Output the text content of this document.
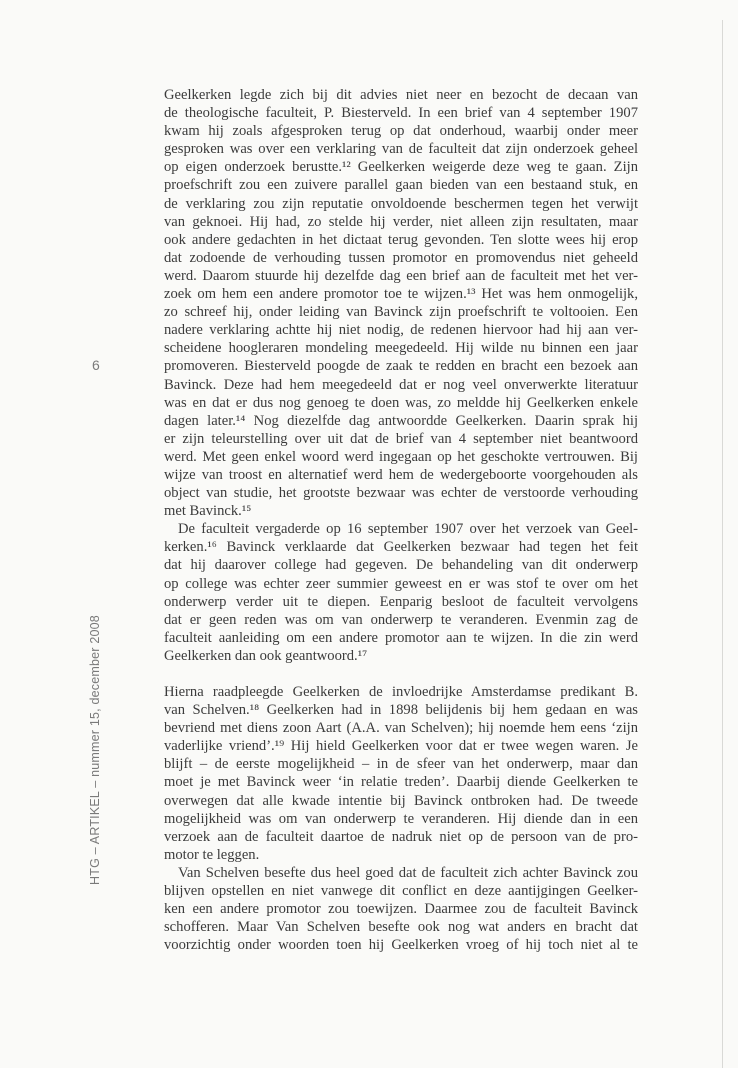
6
HTG – ARTIKEL – nummer 15, december 2008
Geelkerken legde zich bij dit advies niet neer en bezocht de decaan van
de theologische faculteit, P. Biesterveld. In een brief van 4 september 1907
kwam hij zoals afgesproken terug op dat onderhoud, waarbij onder meer
gesproken was over een verklaring van de faculteit dat zijn onderzoek geheel
op eigen onderzoek berustte.¹² Geelkerken weigerde deze weg te gaan. Zijn
proefschrift zou een zuivere parallel gaan bieden van een bestaand stuk, en
de verklaring zou zijn reputatie onvoldoende beschermen tegen het verwijt
van geknoei. Hij had, zo stelde hij verder, niet alleen zijn resultaten, maar
ook andere gedachten in het dictaat terug gevonden. Ten slotte wees hij erop
dat zodoende de verhouding tussen promotor en promovendus niet geheeld
werd. Daarom stuurde hij dezelfde dag een brief aan de faculteit met het ver-
zoek om hem een andere promotor toe te wijzen.¹³ Het was hem onmogelijk,
zo schreef hij, onder leiding van Bavinck zijn proefschrift te voltooien. Een
nadere verklaring achtte hij niet nodig, de redenen hiervoor had hij aan ver-
scheidene hoogleraren mondeling meegedeeld. Hij wilde nu binnen een jaar
promoveren. Biesterveld poogde de zaak te redden en bracht een bezoek aan
Bavinck. Deze had hem meegedeeld dat er nog veel onverwerkte literatuur
was en dat er dus nog genoeg te doen was, zo meldde hij Geelkerken enkele
dagen later.¹⁴ Nog diezelfde dag antwoordde Geelkerken. Daarin sprak hij
er zijn teleurstelling over uit dat de brief van 4 september niet beantwoord
werd. Met geen enkel woord werd ingegaan op het geschokte vertrouwen. Bij
wijze van troost en alternatief werd hem de wedergeboorte voorgehouden als
object van studie, het grootste bezwaar was echter de verstoorde verhouding
met Bavinck.¹⁵
De faculteit vergaderde op 16 september 1907 over het verzoek van Geel-
kerken.¹⁶ Bavinck verklaarde dat Geelkerken bezwaar had tegen het feit
dat hij daarover college had gegeven. De behandeling van dit onderwerp
op college was echter zeer summier geweest en er was stof te over om het
onderwerp verder uit te diepen. Eenparig besloot de faculteit vervolgens
dat er geen reden was om van onderwerp te veranderen. Evenmin zag de
faculteit aanleiding om een andere promotor aan te wijzen. In die zin werd
Geelkerken dan ook geantwoord.¹⁷
Hierna raadpleegde Geelkerken de invloedrijke Amsterdamse predikant B.
van Schelven.¹⁸ Geelkerken had in 1898 belijdenis bij hem gedaan en was
bevriend met diens zoon Aart (A.A. van Schelven); hij noemde hem eens ‘zijn
vaderlijke vriend’.¹⁹ Hij hield Geelkerken voor dat er twee wegen waren. Je
blijft – de eerste mogelijkheid – in de sfeer van het onderwerp, maar dan
moet je met Bavinck weer ‘in relatie treden’. Daarbij diende Geelkerken te
overwegen dat alle kwade intentie bij Bavinck ontbroken had. De tweede
mogelijkheid was om van onderwerp te veranderen. Hij diende dan in een
verzoek aan de faculteit daartoe de nadruk niet op de persoon van de pro-
motor te leggen.
Van Schelven besefte dus heel goed dat de faculteit zich achter Bavinck zou
blijven opstellen en niet vanwege dit conflict en deze aantijgingen Geelker-
ken een andere promotor zou toewijzen. Daarmee zou de faculteit Bavinck
schofferen. Maar Van Schelven besefte ook nog wat anders en bracht dat
voorzichtig onder woorden toen hij Geelkerken vroeg of hij toch niet al te
